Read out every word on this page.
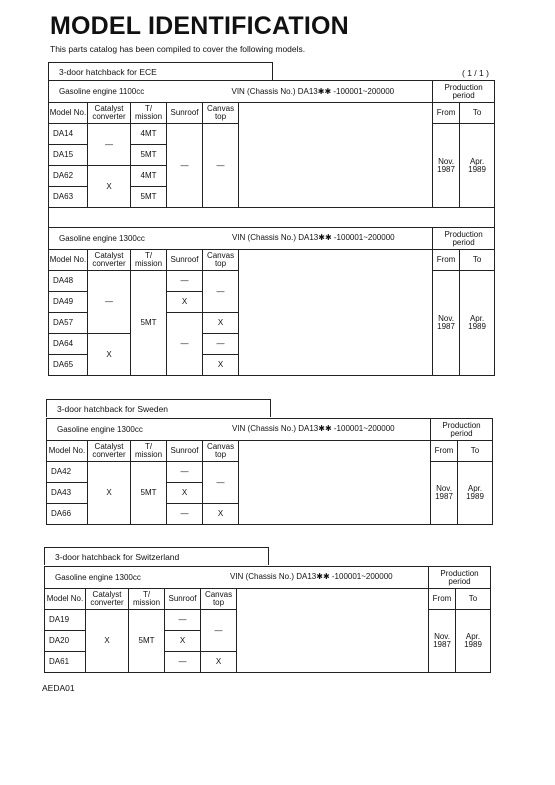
MODEL IDENTIFICATION
This parts catalog has been compiled to cover the following models.
( 1 / 1 )
3-door hatchback for ECE
Gasoline engine 1100cc VIN (Chassis No.) DA13✱✱ -100001~200000						Production period	
Model No.	Catalyst converter	T/ mission	Sunroof	Canvas top		From	To
DA14	—	4MT	—	—		Nov. 1987	Apr. 1989
DA15		5MT					
DA62	X	4MT					
DA63		5MT					

Gasoline engine 1300cc VIN (Chassis No.) DA13✱✱ -100001~200000						Production period	
Model No.	Catalyst converter	T/ mission	Sunroof	Canvas top		From	To
DA48	—	5MT	—	—		Nov. 1987	Apr. 1989
DA49			X				
DA57			—	X			
DA64	X			—			
DA65				X			
3-door hatchback for Sweden
Gasoline engine 1300cc VIN (Chassis No.) DA13✱✱ -100001~200000						Production period	
Model No.	Catalyst converter	T/ mission	Sunroof	Canvas top		From	To
DA42	X	5MT	—	—		Nov. 1987	Apr. 1989
DA43			X				
DA66			—	X			
3-door hatchback for Switzerland
Gasoline engine 1300cc VIN (Chassis No.) DA13✱✱ -100001~200000						Production period	
Model No.	Catalyst converter	T/ mission	Sunroof	Canvas top		From	To
DA19	X	5MT	—	—		Nov. 1987	Apr. 1989
DA20			X				
DA61			—	X			
AEDA01
